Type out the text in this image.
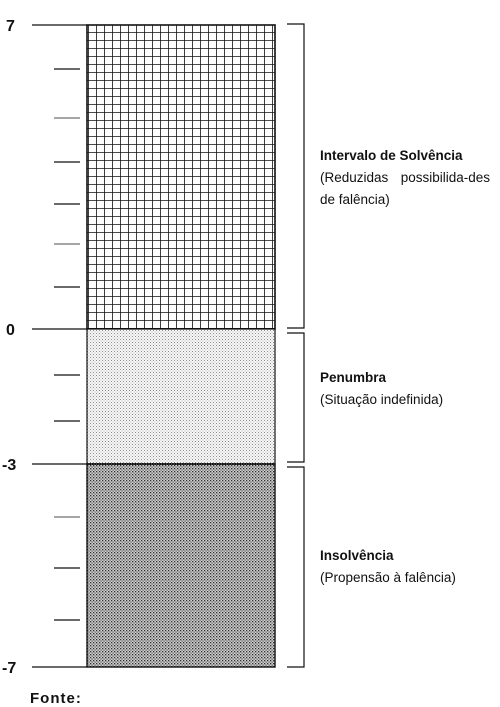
7
0
-3
-7
Intervalo de Solvência
(Reduzidas possibilida-des de falência)
Penumbra
(Situação indefinida)
Insolvência
(Propensão à falência)
Fonte:
